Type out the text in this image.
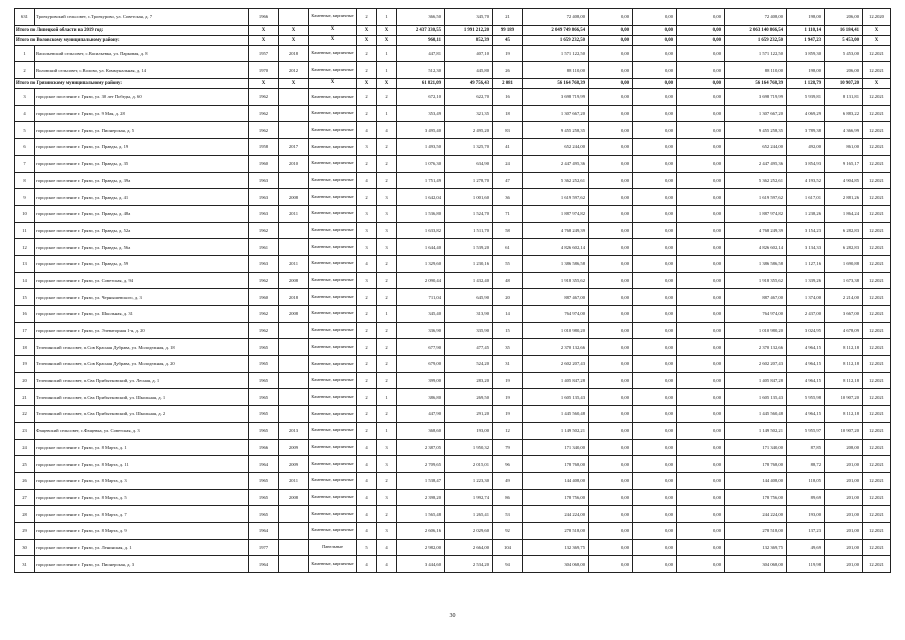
631	Троекуровский сельсовет, с.Троекурово, ул. Советская, д. 7	1966		Каменные, кирпичные	2	1	366,50	345,70	21	72 408,00	0,00	0,00	0,00	72 408,00	198,00	206,00	12.2020
Итого по Липецкой области на 2019 год:		X	X	X	X	X	2 437 330,55	1 991 212,20	99 189	2 049 749 866,54	0,00	0,00	0,00	2 063 140 866,54	1 110,14	16 184,41	X
Итого по Воловскому муниципальному району:		X	X	X	X	X	960,11	852,39	45	1 659 232,50	0,00	0,00	0,00	1 659 232,50	1 947,23	5 453,00	X
1	Васильевский сельсовет, с.Васильевка, ул. Парковая, д. 8	1957	2018	Каменные, кирпичные	2	1	447,81	407,10	19	1 571 122,50	0,00	0,00	0,00	1 571 122,50	3 859,30	5 453,00	12.2021
2	Воловский сельсовет, с.Волово, ул. Коммунальная, д. 14	1970	2012	Каменные, кирпичные	2	1	512,30	445,80	26	88 110,00	0,00	0,00	0,00	88 110,00	198,00	206,00	12.2021
Итого по Грязинскому муниципальному району:		X	X	X	X	X	61 821,09	49 756,43	2 081	56 164 768,39	0,00	0,00	0,00	56 164 768,39	1 128,79	10 907,20	X
3	городское поселение г. Грязи, ул. 30 лет Победы, д. 60	1962		Каменные, кирпичные	2	2	672,10	622,70	16	3 698 719,99	0,00	0,00	0,00	3 698 719,99	5 939,81	8 131,81	12.2021
4	городское поселение г. Грязи, ул. 9 Мая, д. 28	1962		Каменные, кирпичные	2	1	353,49	321,35	18	1 307 667,20	0,00	0,00	0,00	1 307 667,20	4 069,29	6 883,22	12.2021
5	городское поселение г. Грязи, ул. Пионерская, д. 5	1962		Каменные, кирпичные	4	4	3 495,40	2 495,20	83	9 455 258,35	0,00	0,00	0,00	9 455 258,35	3 789,38	4 366,99	12.2021
6	городское поселение г. Грязи, ул. Правды, д. 19	1958	2017	Каменные, кирпичные	3	2	1 493,50	1 325,70	41	652 244,00	0,00	0,00	0,00	652 244,00	492,00	861,00	12.2021
7	городское поселение г. Грязи, ул. Правды, д. 35	1960	2010	Каменные, кирпичные	2	2	1 076,30	634,90	24	2 447 495,36	0,00	0,00	0,00	2 447 495,36	3 854,93	9 165,17	12.2021
8	городское поселение г. Грязи, ул. Правды, д. 39а	1963		Каменные, кирпичные	4	2	1 751,49	1 278,70	47	5 362 252,61	0,00	0,00	0,00	5 362 252,61	4 193,52	4 904,85	12.2021
9	городское поселение г. Грязи, ул. Правды, д. 41	1963	2008	Каменные, кирпичные	2	3	1 642,04	1 001,60	36	1 619 597,62	0,00	0,00	0,00	1 619 597,62	1 617,01	2 881,26	12.2021
10	городское поселение г. Грязи, ул. Правды, д. 48а	1963	2011	Каменные, кирпичные	3	3	1 536,80	1 524,70	71	1 887 974,82	0,00	0,00	0,00	1 887 974,82	1 238,26	1 864,24	12.2021
11	городское поселение г. Грязи, ул. Правды, д. 52а	1962		Каменные, кирпичные	3	3	1 633,82	1 511,70	58	4 768 249,39	0,00	0,00	0,00	4 768 249,39	3 154,23	6 282,83	12.2021
12	городское поселение г. Грязи, ул. Правды, д. 56а	1961		Каменные, кирпичные	3	3	1 644,40	1 539,20	61	4 826 602,14	0,00	0,00	0,00	4 826 602,14	3 134,33	6 282,83	12.2021
13	городское поселение г. Грязи, ул. Правды, д. 59	1963	2011	Каменные, кирпичные	4	2	1 329,60	1 230,16	55	1 386 586,58	0,00	0,00	0,00	1 386 586,58	1 127,16	1 690,88	12.2021
14	городское поселение г. Грязи, ул. Советская, д. 94	1962	2008	Каменные, кирпичные	3	2	2 090,44	1 432,40	48	1 918 355,62	0,00	0,00	0,00	1 918 355,62	1 339,26	1 673,38	12.2021
15	городское поселение г. Грязи, ул. Чернышевского, д. 3	1960	2018	Каменные, кирпичные	2	2	711,04	645,90	20	887 467,00	0,00	0,00	0,00	887 467,00	1 374,00	2 214,00	12.2021
16	городское поселение г. Грязи, ул. Школьная, д. 31	1962	2008	Каменные, кирпичные	2	1	345,40	313,90	14	764 974,00	0,00	0,00	0,00	764 974,00	2 437,00	3 667,00	12.2021
17	городское поселение г. Грязи, ул. Элеваторная 1-я, д. 20	1962		Каменные, кирпичные	2	2	336,90	335,90	15	1 010 980,20	0,00	0,00	0,00	1 010 980,20	3 024,95	4 678,09	12.2021
18	Телепинский сельсовет, п.Сов Красная Дубрава, ул. Молодежная, д. 18	1965		Каменные, кирпичные	2	2	677,90	477,45	35	2 370 132,66	0,00	0,00	0,00	2 370 132,66	4 964,15	8 112,18	12.2021
19	Телепинский сельсовет, п.Сов Красная Дубрава, ул. Молодежная, д. 20	1965		Каменные, кирпичные	2	2	679,00	524,20	31	2 602 207,43	0,00	0,00	0,00	2 602 207,43	4 964,15	8 112,18	12.2021
20	Телепинский сельсовет, п.Свх Прибытковский, ул. Лесная, д. 1	1965		Каменные, кирпичные	2	2	399,00	283,20	19	1 405 847,28	0,00	0,00	0,00	1 405 847,28	4 964,15	8 112,18	12.2021
21	Телепинский сельсовет, п.Свх Прибытковский, ул. Школьная, д. 1	1965		Каменные, кирпичные	2	1	386,80	269,50	19	1 605 135,43	0,00	0,00	0,00	1 605 135,43	5 955,98	10 907,20	12.2021
22	Телепинский сельсовет, п.Свх Прибытковский, ул. Школьная, д. 2	1965		Каменные, кирпичные	2	2	447,90	291,20	19	1 445 560,48	0,00	0,00	0,00	1 445 560,48	4 964,15	8 112,18	12.2021
23	Фащевский сельсовет, с.Фащевка, ул. Советская, д. 3	1965	2013	Каменные, кирпичные	2	1	368,60	193,00	12	1 149 502,21	0,00	0,00	0,00	1 149 502,21	5 955,97	10 907,20	12.2021
24	городское поселение г. Грязи, ул. 8 Марта, д. 1	1966	2009	Каменные, кирпичные	4	3	2 387,05	1 950,32	79	171 340,00	0,00	0,00	0,00	171 340,00	87,85	208,00	12.2021
25	городское поселение г. Грязи, ул. 8 Марта, д. 11	1964	2009	Каменные, кирпичные	4	3	2 709,65	2 015,01	96	178 768,00	0,00	0,00	0,00	178 768,00	88,72	201,00	12.2021
26	городское поселение г. Грязи, ул. 8 Марта, д. 3	1965	2011	Каменные, кирпичные	4	2	1 538,47	1 223,30	49	144 408,00	0,00	0,00	0,00	144 408,00	118,05	201,00	12.2021
27	городское поселение г. Грязи, ул. 8 Марта, д. 5	1965	2008	Каменные, кирпичные	4	3	2 398,20	1 992,74	86	178 756,00	0,00	0,00	0,00	178 756,00	89,69	201,00	12.2021
28	городское поселение г. Грязи, ул. 8 Марта, д. 7	1965		Каменные, кирпичные	4	2	1 565,48	1 265,41	53	244 224,00	0,00	0,00	0,00	244 224,00	193,00	201,00	12.2021
29	городское поселение г. Грязи, ул. 8 Марта, д. 9	1964		Каменные, кирпичные	4	3	2 606,16	2 029,60	92	278 518,00	0,00	0,00	0,00	278 518,00	137,23	201,00	12.2021
30	городское поселение г. Грязи, ул. Ленинская, д. 1	1977		Панельные	5	4	2 982,00	2 664,00	104	132 369,75	0,00	0,00	0,00	132 369,75	49,69	201,00	12.2021
31	городское поселение г. Грязи, ул. Пионерская, д. 3	1964		Каменные, кирпичные	4	4	3 444,60	2 534,20	94	304 068,00	0,00	0,00	0,00	304 068,00	119,98	201,00	12.2021
30
